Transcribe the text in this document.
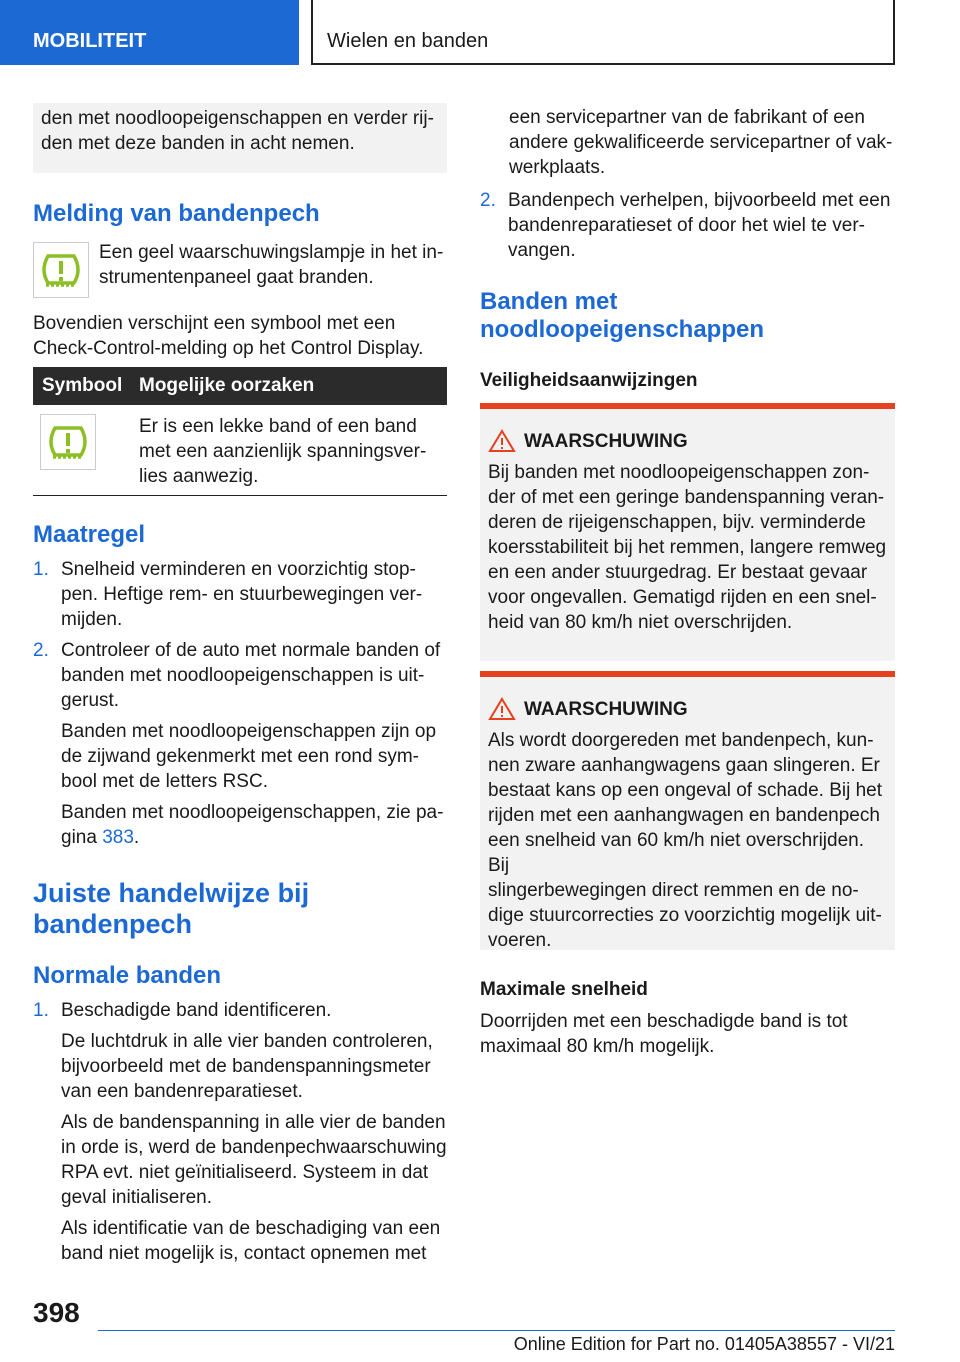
MOBILITEIT	Wielen en banden

den met noodloopeigenschappen en verder rij-

den met deze banden in acht nemen.

Melding van bandenpech

Een geel waarschuwingslampje in het in-

strumentenpaneel gaat branden.

Bovendien verschijnt een symbool met een

Check-Control-melding op het Control Display.

Symbool Mogelijke oorzaken

Er is een lekke band of een band

met een aanzienlijk spanningsver-

lies aanwezig.

Maatregel
1. Snelheid verminderen en voorzichtig stop-

pen. Heftige rem- en stuurbewegingen ver-

mijden.

2. Controleer of de auto met normale banden of

banden met noodloopeigenschappen is uit-

gerust.

Banden met noodloopeigenschappen zijn op

de zijwand gekenmerkt met een rond sym-

bool met de letters RSC.

Banden met noodloopeigenschappen, zie pa-

gina 383.

Juiste handelwijze bij
bandenpech
Normale banden
1. Beschadigde band identificeren.

De luchtdruk in alle vier banden controleren,

bijvoorbeeld met de bandenspanningsmeter

van een bandenreparatieset.

Als de bandenspanning in alle vier de banden

in orde is, werd de bandenpechwaarschuwing

RPA evt. niet geïnitialiseerd. Systeem in dat

geval initialiseren.

Als identificatie van de beschadiging van een

band niet mogelijk is, contact opnemen met

een servicepartner van de fabrikant of een

andere gekwalificeerde servicepartner of vak-

werkplaats.

2. Bandenpech verhelpen, bijvoorbeeld met een

bandenreparatieset of door het wiel te ver-

vangen.

Banden met
noodloopeigenschappen
Veiligheidsaanwijzingen
WAARSCHUWING

Bij banden met noodloopeigenschappen zon-

der of met een geringe bandenspanning veran-

deren de rijeigenschappen, bijv. verminderde

koersstabiliteit bij het remmen, langere remweg

en een ander stuurgedrag. Er bestaat gevaar

voor ongevallen. Gematigd rijden en een snel-

heid van 80 km/h niet overschrijden.

WAARSCHUWING

Als wordt doorgereden met bandenpech, kun-

nen zware aanhangwagens gaan slingeren. Er

bestaat kans op een ongeval of schade. Bij het

rijden met een aanhangwagen en bandenpech

een snelheid van 60 km/h niet overschrijden. Bij

slingerbewegingen direct remmen en de no-

dige stuurcorrecties zo voorzichtig mogelijk uit-

voeren.

Maximale snelheid

Doorrijden met een beschadigde band is tot

maximaal 80 km/h mogelijk.

398
Online Edition for Part no. 01405A38557 - VI/21
